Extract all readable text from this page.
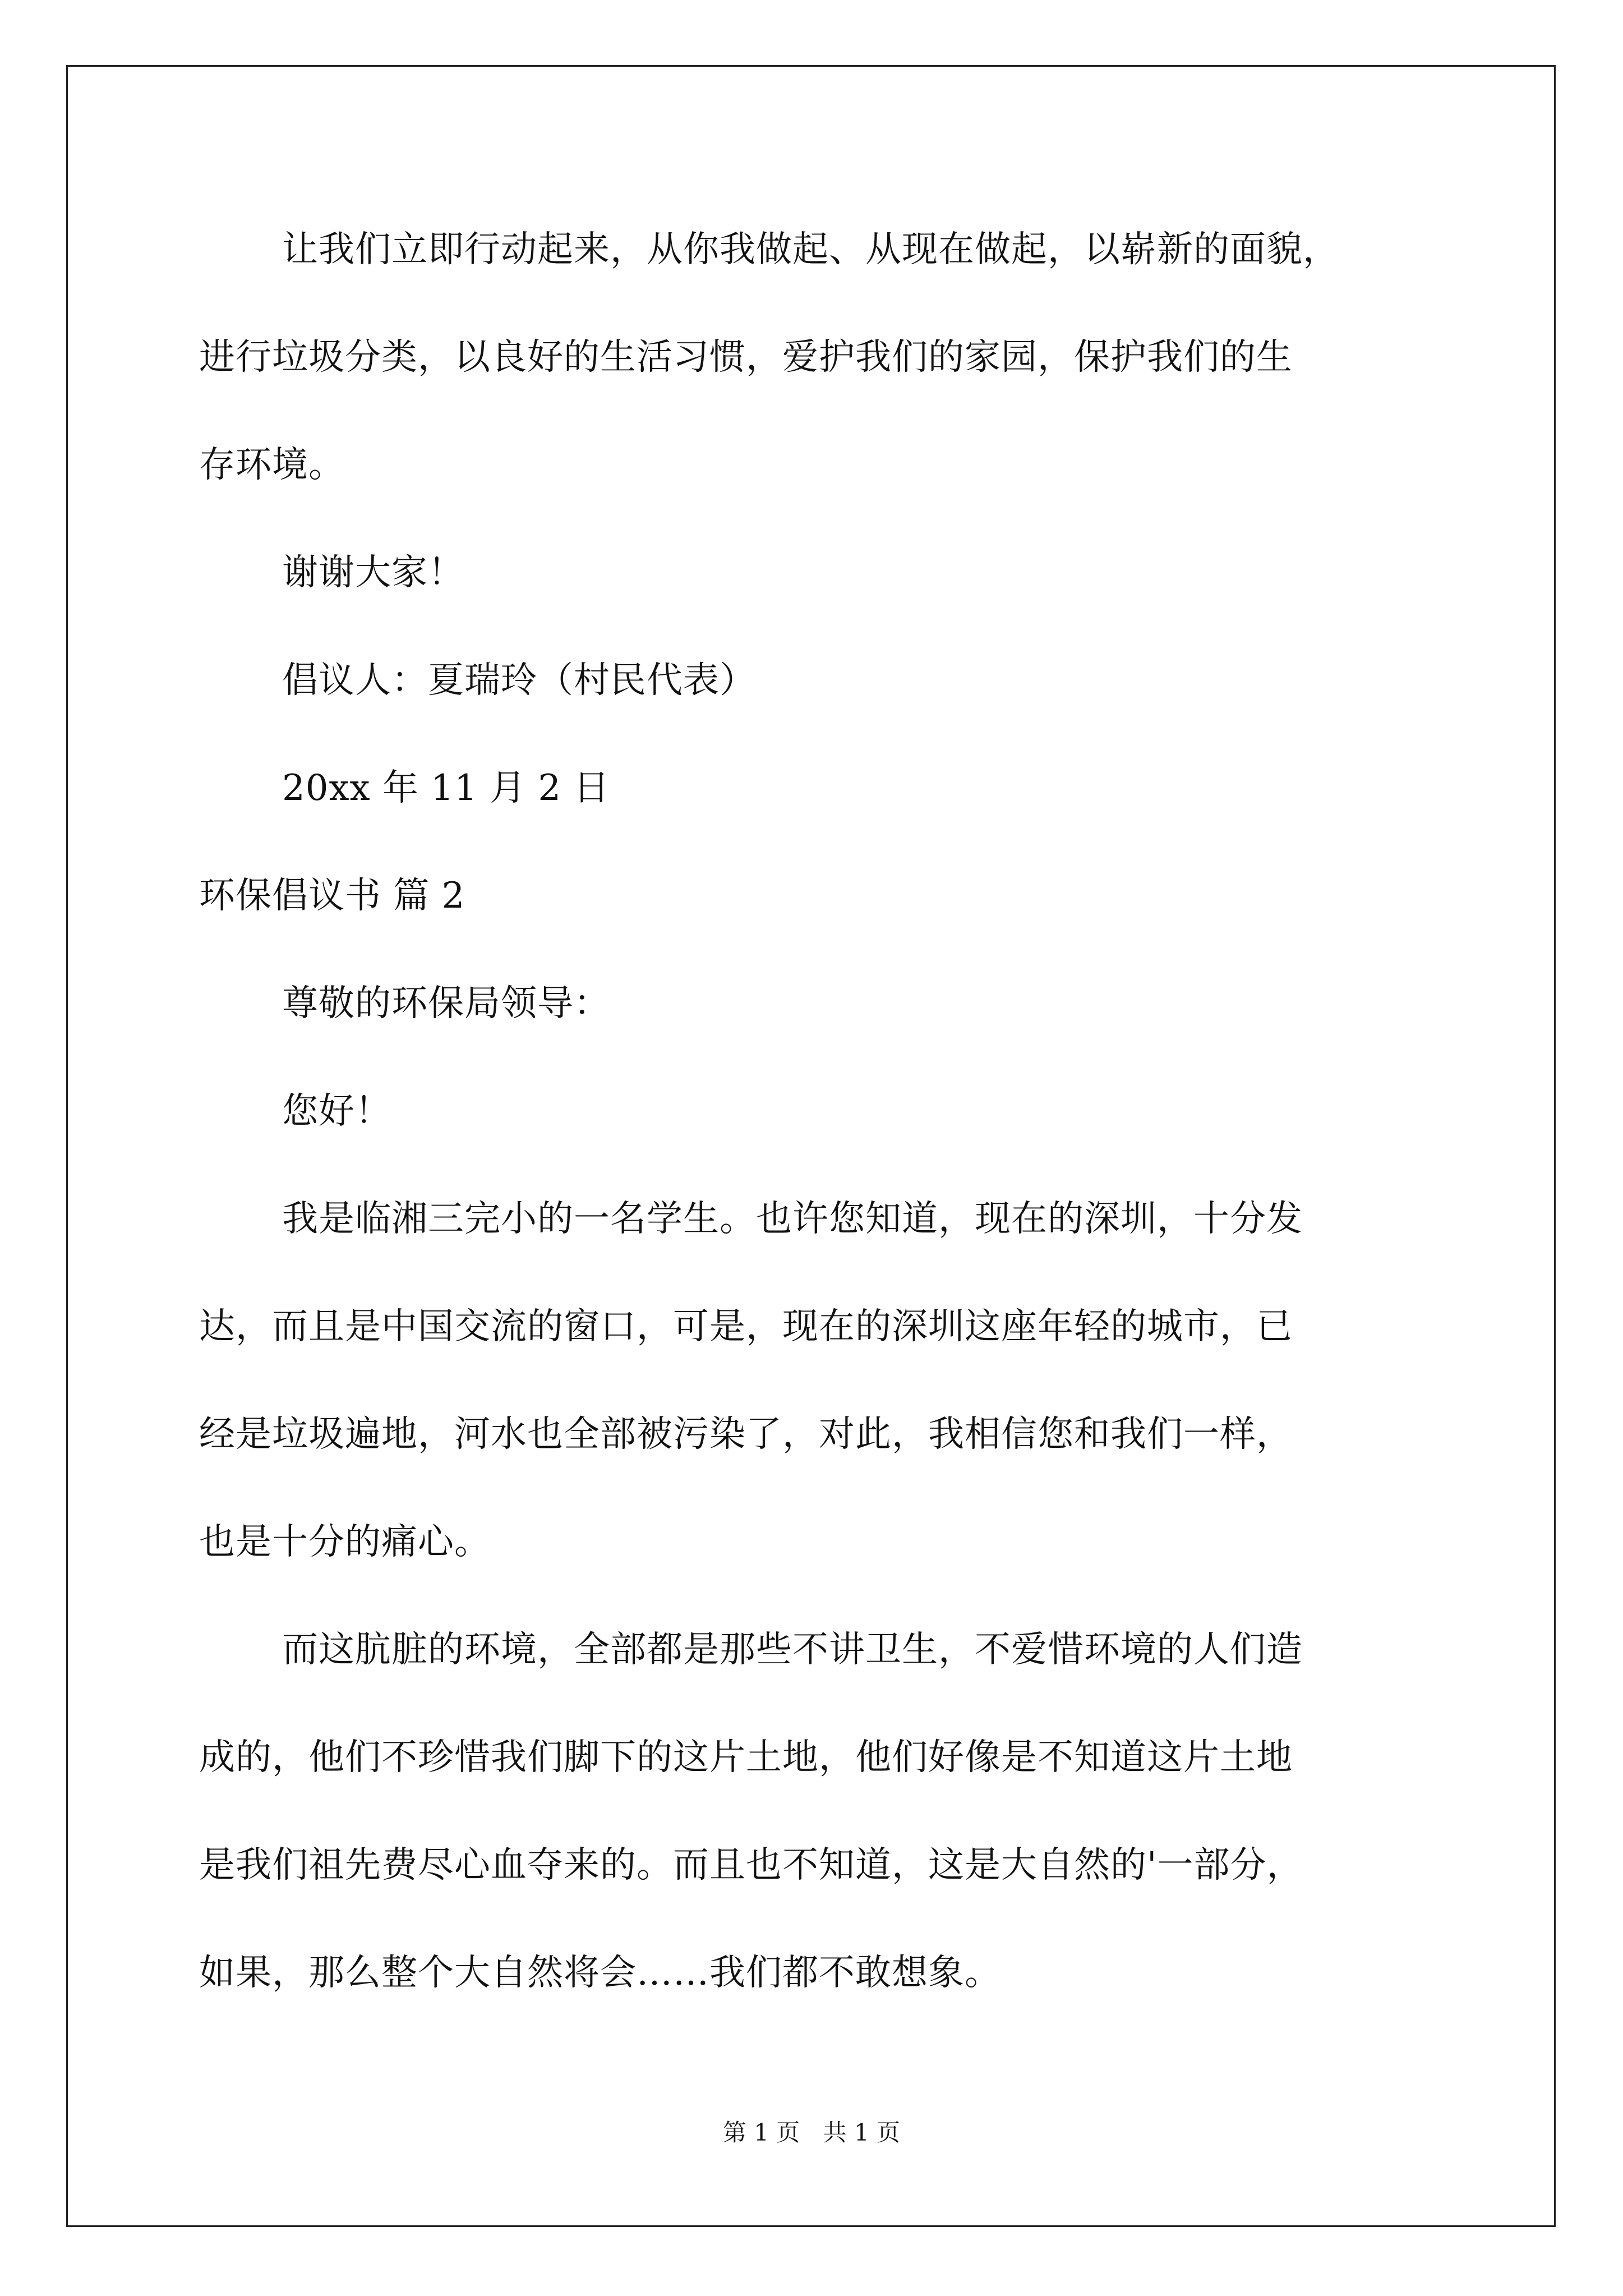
让我们立即行动起来，从你我做起、从现在做起，以崭新的面貌，
进行垃圾分类，以良好的生活习惯，爱护我们的家园，保护我们的生
存环境。
谢谢大家！
倡议人：夏瑞玲（村民代表）
20xx 年 11 月 2 日
环保倡议书 篇 2
尊敬的环保局领导：
您好！
我是临湘三完小的一名学生。也许您知道，现在的深圳，十分发
达，而且是中国交流的窗口，可是，现在的深圳这座年轻的城市，已
经是垃圾遍地，河水也全部被污染了，对此，我相信您和我们一样，
也是十分的痛心。
而这肮脏的环境，全部都是那些不讲卫生，不爱惜环境的人们造
成的，他们不珍惜我们脚下的这片土地，他们好像是不知道这片土地
是我们祖先费尽心血夺来的。而且也不知道，这是大自然的'一部分，
如果，那么整个大自然将会……我们都不敢想象。
第 1 页 共 1 页
